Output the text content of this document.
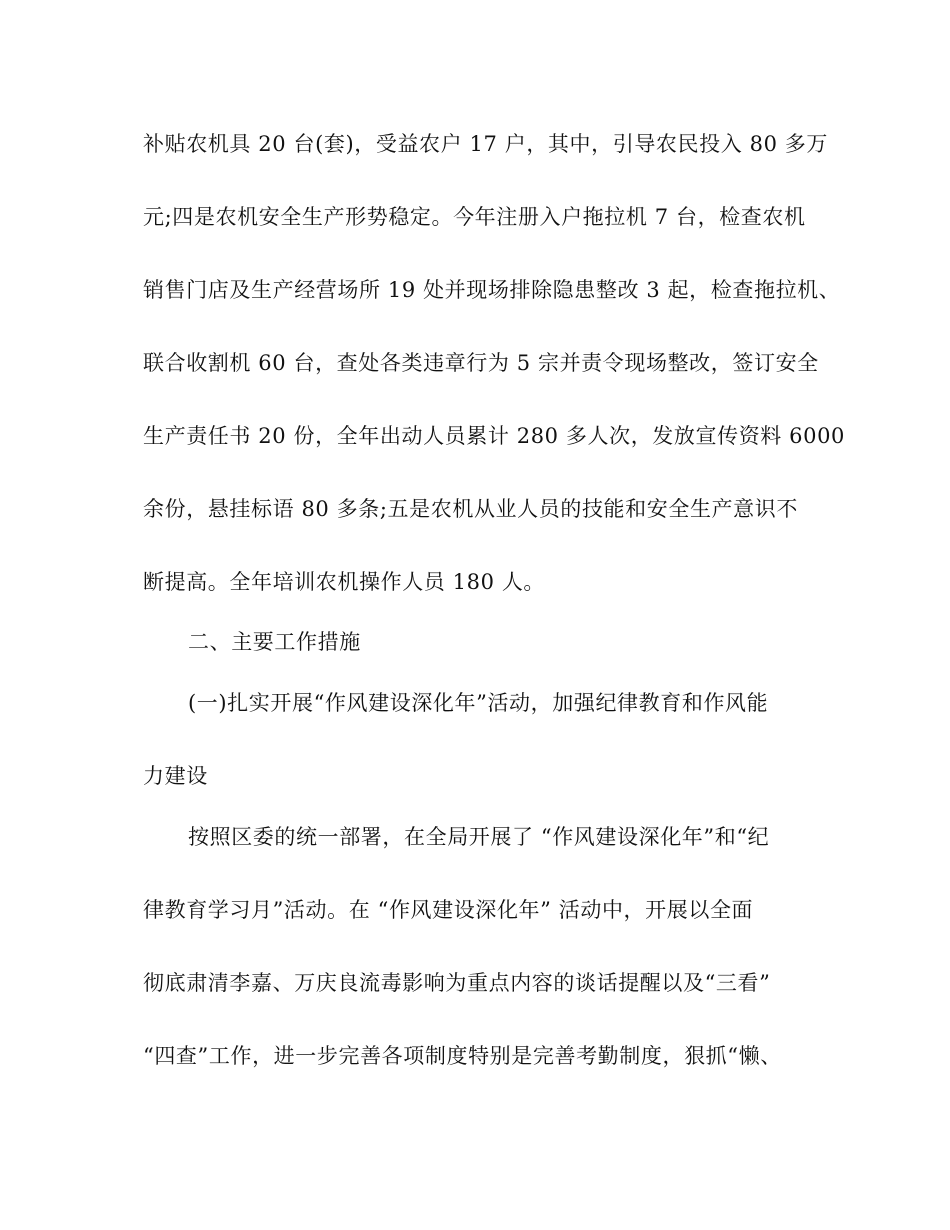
补贴农机具 20 台(套)，受益农户 17 户，其中，引导农民投入 80 多万
元;四是农机安全生产形势稳定。今年注册入户拖拉机 7 台，检查农机
销售门店及生产经营场所 19 处并现场排除隐患整改 3 起，检查拖拉机、
联合收割机 60 台，查处各类违章行为 5 宗并责令现场整改，签订安全
生产责任书 20 份，全年出动人员累计 280 多人次，发放宣传资料 6000
余份，悬挂标语 80 多条;五是农机从业人员的技能和安全生产意识不
断提高。全年培训农机操作人员 180 人。
二、主要工作措施
(一)扎实开展“作风建设深化年”活动，加强纪律教育和作风能
力建设
按照区委的统一部署，在全局开展了 “作风建设深化年”和“纪
律教育学习月”活动。在 “作风建设深化年” 活动中，开展以全面
彻底肃清李嘉、万庆良流毒影响为重点内容的谈话提醒以及“三看”
“四查”工作，进一步完善各项制度特别是完善考勤制度，狠抓“懒、
